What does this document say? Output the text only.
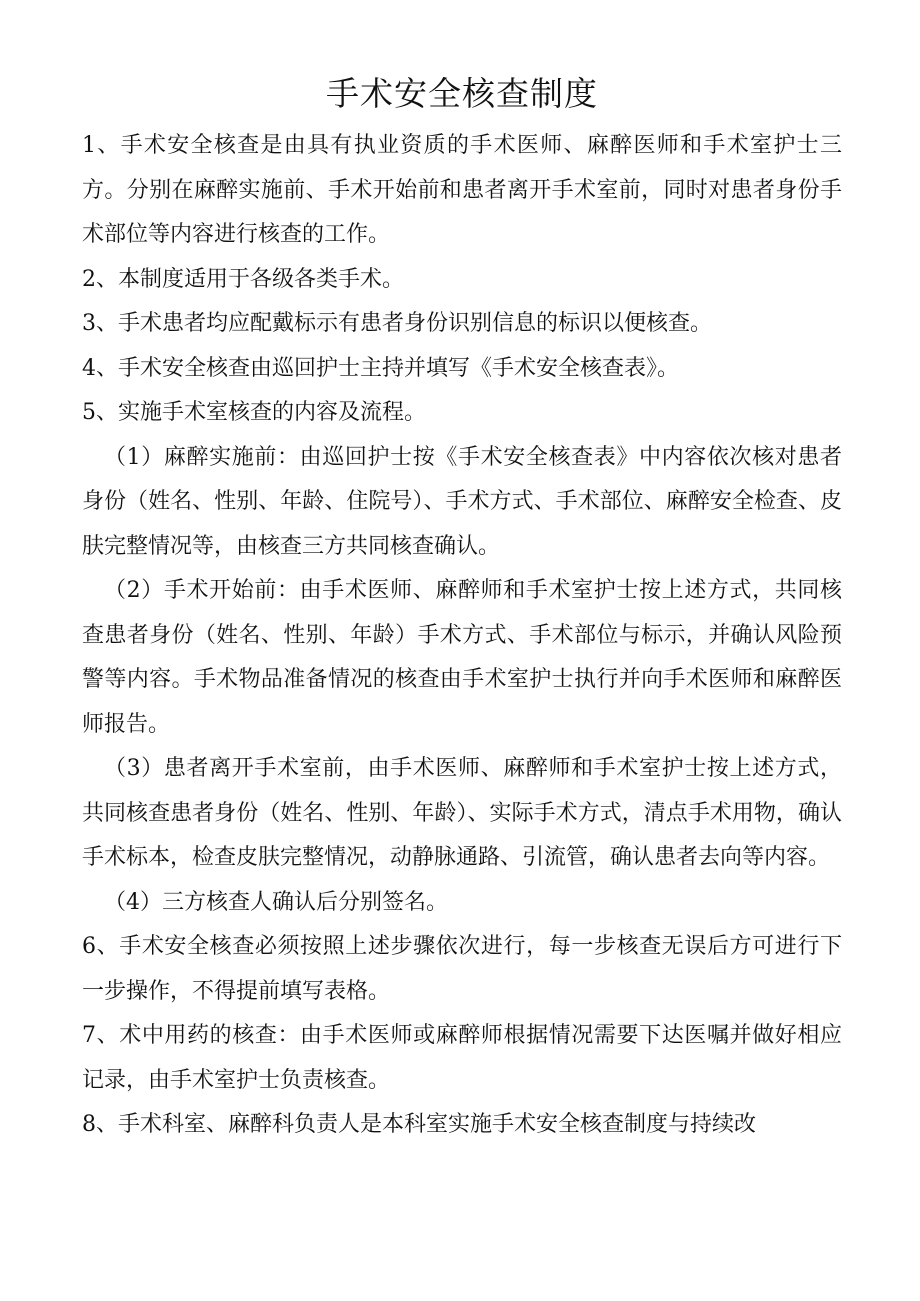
手术安全核查制度

1、手术安全核查是由具有执业资质的手术医师、麻醉医师和手术室护士三方。分别在麻醉实施前、手术开始前和患者离开手术室前，同时对患者身份手术部位等内容进行核查的工作。

2、本制度适用于各级各类手术。

3、手术患者均应配戴标示有患者身份识别信息的标识以便核查。

4、手术安全核查由巡回护士主持并填写《手术安全核查表》。

5、实施手术室核查的内容及流程。

（1）麻醉实施前：由巡回护士按《手术安全核查表》中内容依次核对患者身份（姓名、性别、年龄、住院号）、手术方式、手术部位、麻醉安全检查、皮肤完整情况等，由核查三方共同核查确认。

（2）手术开始前：由手术医师、麻醉师和手术室护士按上述方式，共同核查患者身份（姓名、性别、年龄）手术方式、手术部位与标示，并确认风险预警等内容。手术物品准备情况的核查由手术室护士执行并向手术医师和麻醉医师报告。

（3）患者离开手术室前，由手术医师、麻醉师和手术室护士按上述方式，共同核查患者身份（姓名、性别、年龄）、实际手术方式，清点手术用物，确认手术标本，检查皮肤完整情况，动静脉通路、引流管，确认患者去向等内容。

（4）三方核查人确认后分别签名。

6、手术安全核查必须按照上述步骤依次进行，每一步核查无误后方可进行下一步操作，不得提前填写表格。

7、术中用药的核查：由手术医师或麻醉师根据情况需要下达医嘱并做好相应记录，由手术室护士负责核查。

8、手术科室、麻醉科负责人是本科室实施手术安全核查制度与持续改
